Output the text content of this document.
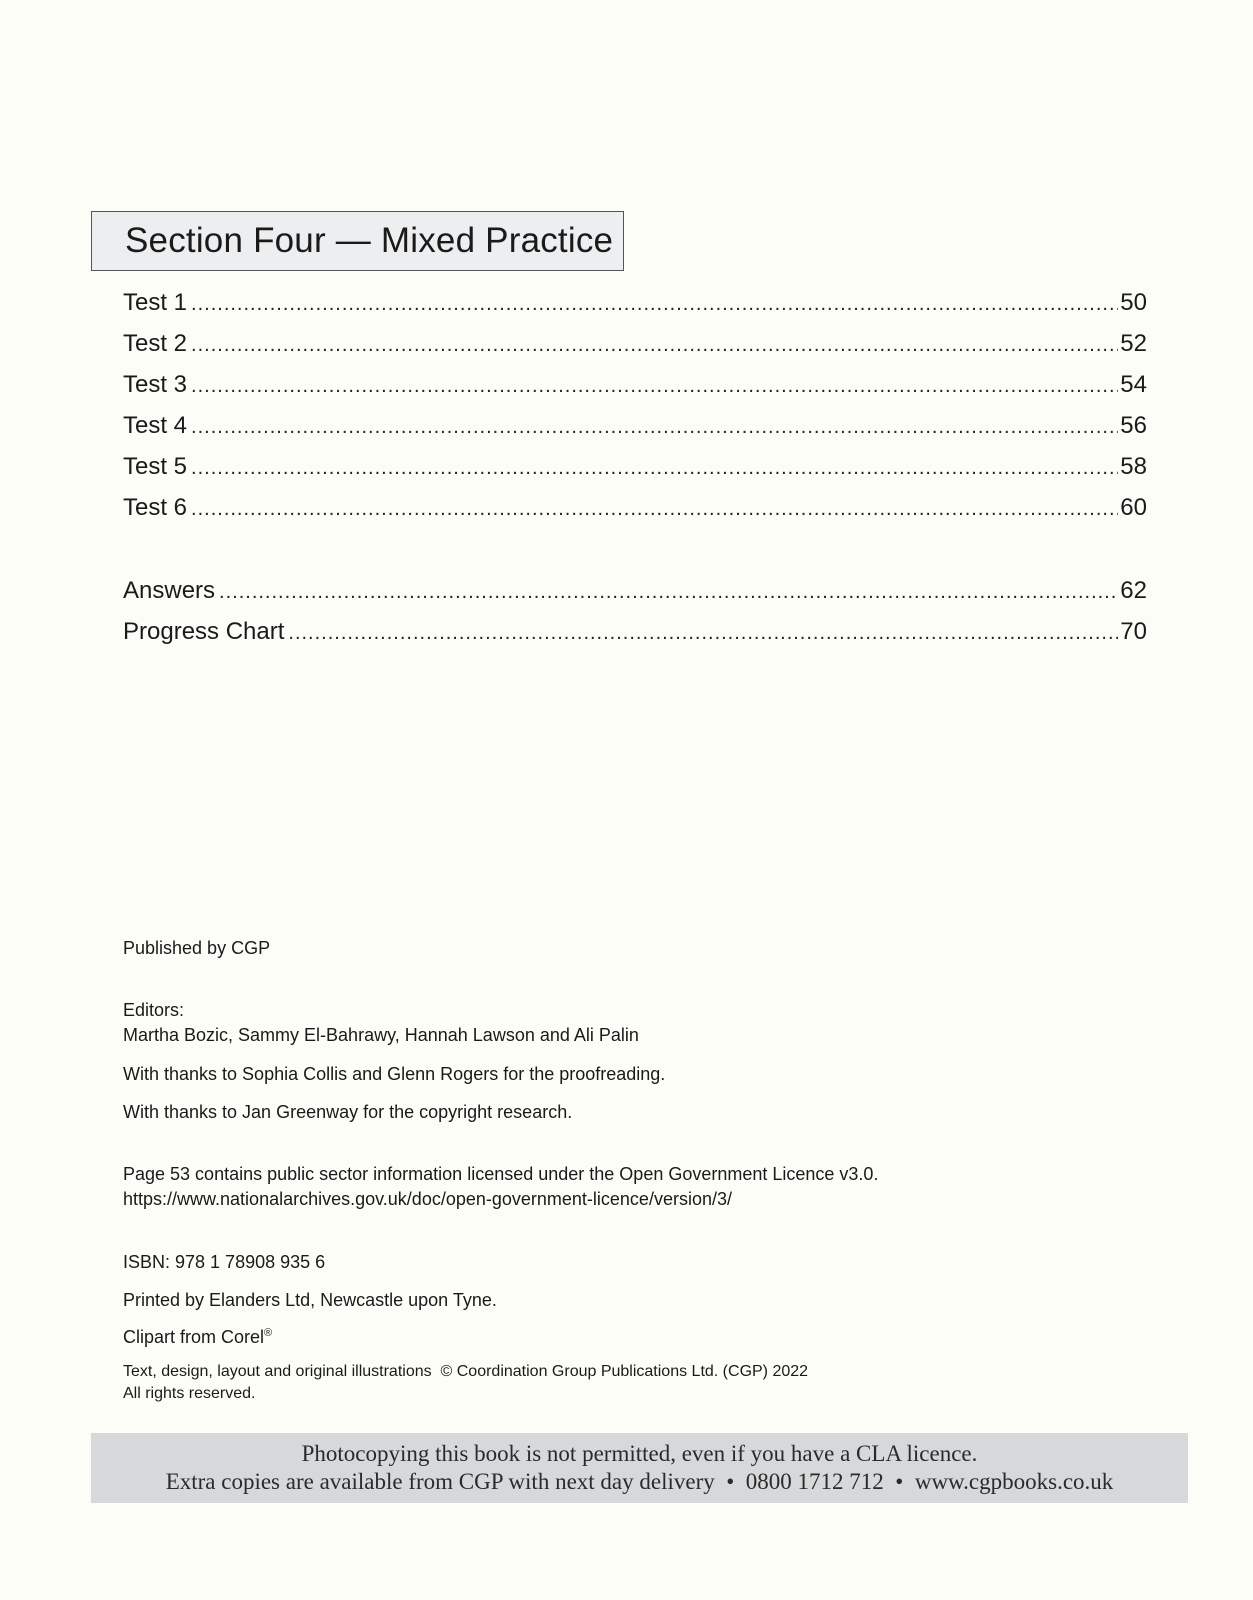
Section Four — Mixed Practice
Test 1 .....	50
Test 2 .....	52
Test 3 .....	54
Test 4 .....	56
Test 5 .....	58
Test 6 .....	60
Answers .....	62
Progress Chart .....	70

Published by CGP

Editors:

Martha Bozic, Sammy El-Bahrawy, Hannah Lawson and Ali Palin

With thanks to Sophia Collis and Glenn Rogers for the proofreading.

With thanks to Jan Greenway for the copyright research.

Page 53 contains public sector information licensed under the Open Government Licence v3.0.

https://www.nationalarchives.gov.uk/doc/open-government-licence/version/3/

ISBN: 978 1 78908 935 6

Printed by Elanders Ltd, Newcastle upon Tyne.

Clipart from Corel®

Text, design, layout and original illustrations  © Coordination Group Publications Ltd. (CGP) 2022

All rights reserved.

Photocopying this book is not permitted, even if you have a CLA licence.
Extra copies are available from CGP with next day delivery  •  0800 1712 712  •  www.cgpbooks.co.uk
